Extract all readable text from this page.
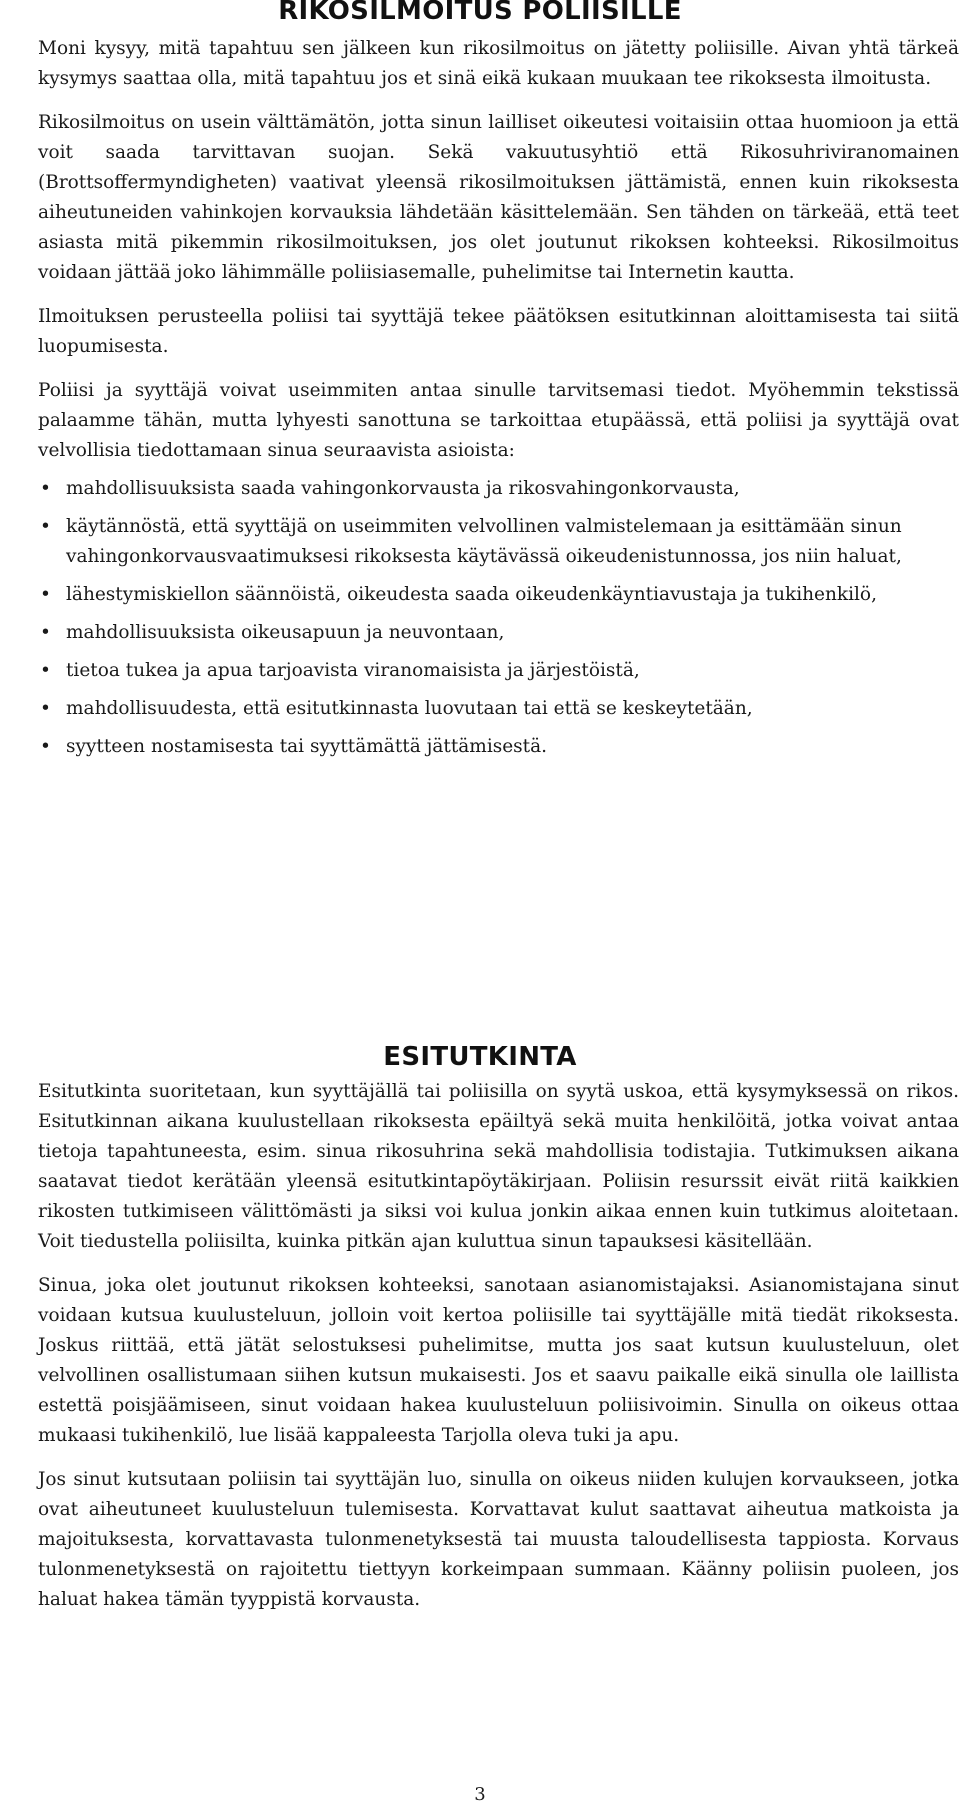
RIKOSILMOITUS POLIISILLE

Moni kysyy, mitä tapahtuu sen jälkeen kun rikosilmoitus on jätetty poliisille. Aivan yhtä tärkeä kysymys saattaa olla, mitä tapahtuu jos et sinä eikä kukaan muukaan tee rikoksesta ilmoitusta.

Rikosilmoitus on usein välttämätön, jotta sinun lailliset oikeutesi voitaisiin ottaa huomioon ja että voit saada tarvittavan suojan. Sekä vakuutusyhtiö että Rikosuhriviranomainen (Brottsoffermyndigheten) vaativat yleensä rikosilmoituksen jättämistä, ennen kuin rikoksesta aiheutuneiden vahinkojen korvauksia lähdetään käsittelemään. Sen tähden on tärkeää, että teet asiasta mitä pikemmin rikosilmoituksen, jos olet joutunut rikoksen kohteeksi. Rikosilmoitus voidaan jättää joko lähimmälle poliisiasemalle, puhelimitse tai Internetin kautta.

Ilmoituksen perusteella poliisi tai syyttäjä tekee päätöksen esitutkinnan aloittamisesta tai siitä luopumisesta.

Poliisi ja syyttäjä voivat useimmiten antaa sinulle tarvitsemasi tiedot. Myöhemmin tekstissä palaamme tähän, mutta lyhyesti sanottuna se tarkoittaa etupäässä, että poliisi ja syyttäjä ovat velvollisia tiedottamaan sinua seuraavista asioista:

• mahdollisuuksista saada vahingonkorvausta ja rikosvahingonkorvausta,
• käytännöstä, että syyttäjä on useimmiten velvollinen valmistelemaan ja esittämään sinun vahingonkorvausvaatimuksesi rikoksesta käytävässä oikeudenistunnossa, jos niin haluat,
• lähestymiskiellon säännöistä, oikeudesta saada oikeudenkäyntiavustaja ja tukihenkilö,
• mahdollisuuksista oikeusapuun ja neuvontaan,
• tietoa tukea ja apua tarjoavista viranomaisista ja järjestöistä,
• mahdollisuudesta, että esitutkinnasta luovutaan tai että se keskeytetään,
• syytteen nostamisesta tai syyttämättä jättämisestä.
ESITUTKINTA

Esitutkinta suoritetaan, kun syyttäjällä tai poliisilla on syytä uskoa, että kysymyksessä on rikos. Esitutkinnan aikana kuulustellaan rikoksesta epäiltyä sekä muita henkilöitä, jotka voivat antaa tietoja tapahtuneesta, esim. sinua rikosuhrina sekä mahdollisia todistajia. Tutkimuksen aikana saatavat tiedot kerätään yleensä esitutkintapöytäkirjaan. Poliisin resurssit eivät riitä kaikkien rikosten tutkimiseen välittömästi ja siksi voi kulua jonkin aikaa ennen kuin tutkimus aloitetaan. Voit tiedustella poliisilta, kuinka pitkän ajan kuluttua sinun tapauksesi käsitellään.

Sinua, joka olet joutunut rikoksen kohteeksi, sanotaan asianomistajaksi. Asianomistajana sinut voidaan kutsua kuulusteluun, jolloin voit kertoa poliisille tai syyttäjälle mitä tiedät rikoksesta. Joskus riittää, että jätät selostuksesi puhelimitse, mutta jos saat kutsun kuulusteluun, olet velvollinen osallistumaan siihen kutsun mukaisesti. Jos et saavu paikalle eikä sinulla ole laillista estettä poisjäämiseen, sinut voidaan hakea kuulusteluun poliisivoimin. Sinulla on oikeus ottaa mukaasi tukihenkilö, lue lisää kappaleesta Tarjolla oleva tuki ja apu.

Jos sinut kutsutaan poliisin tai syyttäjän luo, sinulla on oikeus niiden kulujen korvaukseen, jotka ovat aiheutuneet kuulusteluun tulemisesta. Korvattavat kulut saattavat aiheutua matkoista ja majoituksesta, korvattavasta tulonmenetyksestä tai muusta taloudellisesta tappiosta. Korvaus tulonmenetyksestä on rajoitettu tiettyyn korkeimpaan summaan. Käänny poliisin puoleen, jos haluat hakea tämän tyyppistä korvausta.

3
